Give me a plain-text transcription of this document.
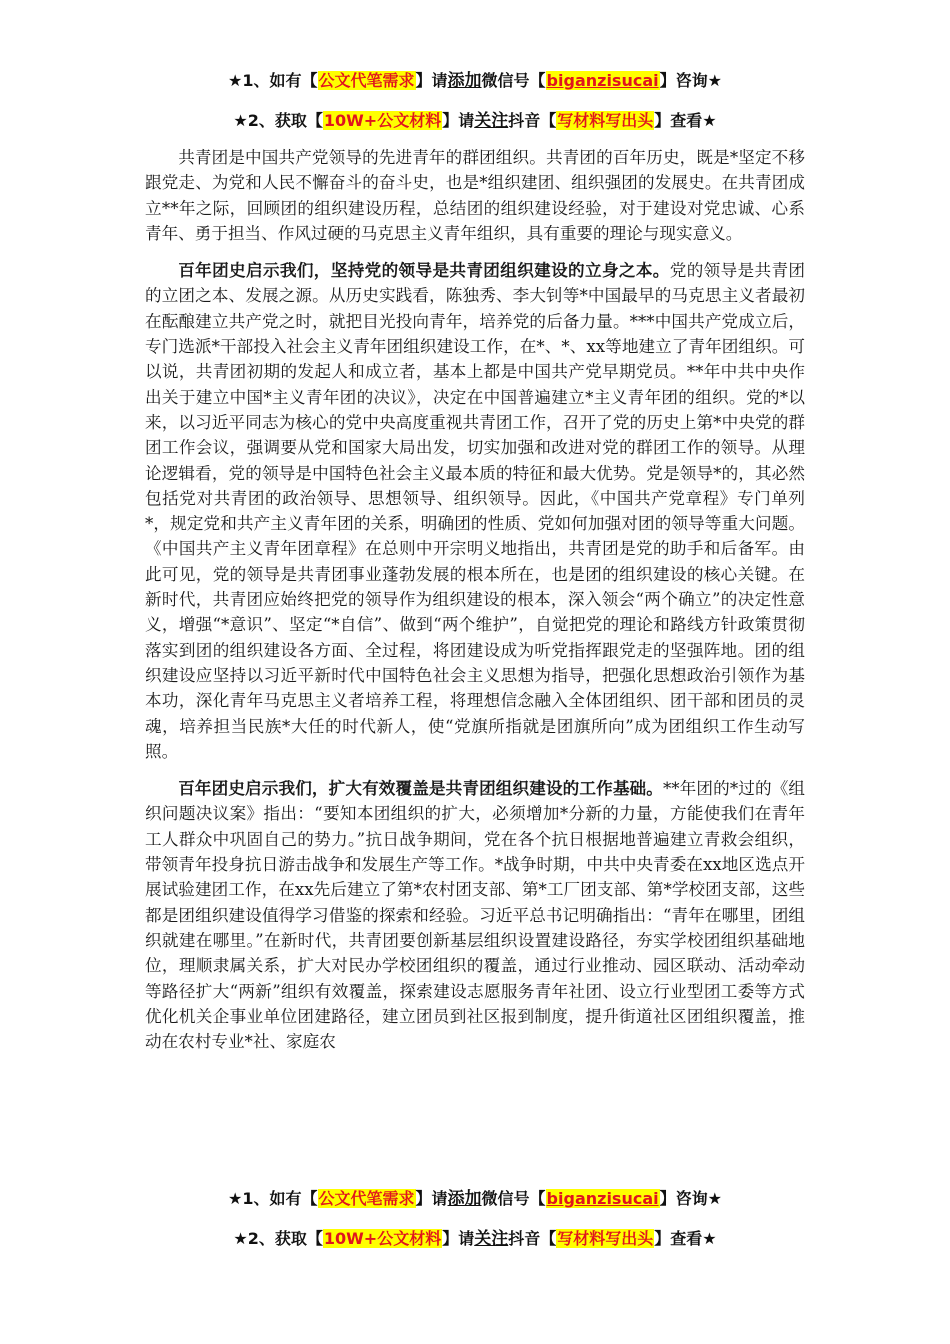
★1、如有【公文代笔需求】请添加微信号【biganzisucai】咨询★
★2、获取【10W+公文材料】请关注抖音【写材料写出头】查看★

共青团是中国共产党领导的先进青年的群团组织。共青团的百年历史，既是*坚定不移跟党走、为党和人民不懈奋斗的奋斗史，也是*组织建团、组织强团的发展史。在共青团成立**年之际，回顾团的组织建设历程，总结团的组织建设经验，对于建设对党忠诚、心系青年、勇于担当、作风过硬的马克思主义青年组织，具有重要的理论与现实意义。

百年团史启示我们，坚持党的领导是共青团组织建设的立身之本。党的领导是共青团的立团之本、发展之源。从历史实践看，陈独秀、李大钊等*中国最早的马克思主义者最初在酝酿建立共产党之时，就把目光投向青年，培养党的后备力量。***中国共产党成立后，专门选派*干部投入社会主义青年团组织建设工作，在*、*、xx等地建立了青年团组织。可以说，共青团初期的发起人和成立者，基本上都是中国共产党早期党员。**年中共中央作出关于建立中国*主义青年团的决议》，决定在中国普遍建立*主义青年团的组织。党的*以来，以习近平同志为核心的党中央高度重视共青团工作，召开了党的历史上第*中央党的群团工作会议，强调要从党和国家大局出发，切实加强和改进对党的群团工作的领导。从理论逻辑看，党的领导是中国特色社会主义最本质的特征和最大优势。党是领导*的，其必然包括党对共青团的政治领导、思想领导、组织领导。因此，《中国共产党章程》专门单列*，规定党和共产主义青年团的关系，明确团的性质、党如何加强对团的领导等重大问题。《中国共产主义青年团章程》在总则中开宗明义地指出，共青团是党的助手和后备军。由此可见，党的领导是共青团事业蓬勃发展的根本所在，也是团的组织建设的核心关键。在新时代，共青团应始终把党的领导作为组织建设的根本，深入领会“两个确立”的决定性意义，增强“*意识”、坚定“*自信”、做到“两个维护”，自觉把党的理论和路线方针政策贯彻落实到团的组织建设各方面、全过程，将团建设成为听党指挥跟党走的坚强阵地。团的组织建设应坚持以习近平新时代中国特色社会主义思想为指导，把强化思想政治引领作为基本功，深化青年马克思主义者培养工程，将理想信念融入全体团组织、团干部和团员的灵魂，培养担当民族*大任的时代新人，使“党旗所指就是团旗所向”成为团组织工作生动写照。

百年团史启示我们，扩大有效覆盖是共青团组织建设的工作基础。**年团的*过的《组织问题决议案》指出：“要知本团组织的扩大，必须增加*分新的力量，方能使我们在青年工人群众中巩固自己的势力。”抗日战争期间，党在各个抗日根据地普遍建立青救会组织，带领青年投身抗日游击战争和发展生产等工作。*战争时期，中共中央青委在xx地区选点开展试验建团工作，在xx先后建立了第*农村团支部、第*工厂团支部、第*学校团支部，这些都是团组织建设值得学习借鉴的探索和经验。习近平总书记明确指出：“青年在哪里，团组织就建在哪里。”在新时代，共青团要创新基层组织设置建设路径，夯实学校团组织基础地位，理顺隶属关系，扩大对民办学校团组织的覆盖，通过行业推动、园区联动、活动牵动等路径扩大“两新”组织有效覆盖，探索建设志愿服务青年社团、设立行业型团工委等方式优化机关企事业单位团建路径，建立团员到社区报到制度，提升街道社区团组织覆盖，推动在农村专业*社、家庭农

★1、如有【公文代笔需求】请添加微信号【biganzisucai】咨询★
★2、获取【10W+公文材料】请关注抖音【写材料写出头】查看★
